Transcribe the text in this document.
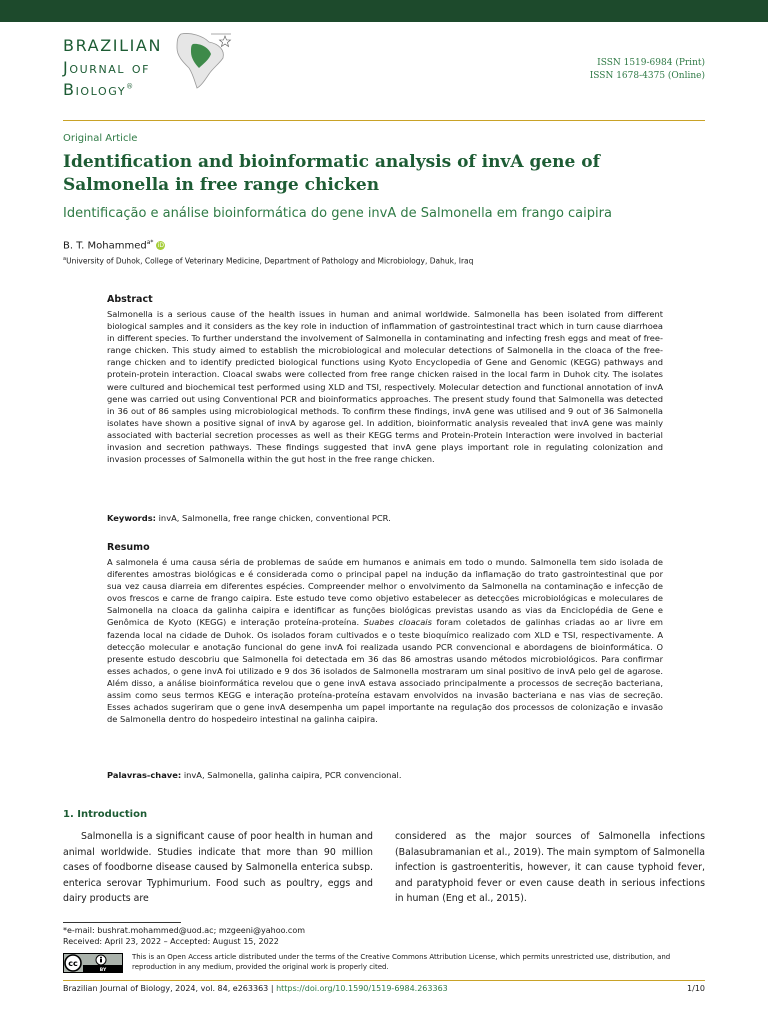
BRAZILIAN
Journal of
Biology®
ISSN 1519-6984 (Print)
ISSN 1678-4375 (Online)
Original Article
Identification and bioinformatic analysis of invA gene of Salmonella in free range chicken
Identificação e análise bioinformática do gene invA de Salmonella em frango caipira
B. T. Mohammed$^{a*}$ iD
$^a$University of Duhok, College of Veterinary Medicine, Department of Pathology and Microbiology, Dahuk, Iraq
Abstract
Salmonella is a serious cause of the health issues in human and animal worldwide. Salmonella has been isolated from different biological samples and it considers as the key role in induction of inflammation of gastrointestinal tract which in turn cause diarrhoea in different species. To further understand the involvement of Salmonella in contaminating and infecting fresh eggs and meat of free-range chicken. This study aimed to establish the microbiological and molecular detections of Salmonella in the cloaca of the free-range chicken and to identify predicted biological functions using Kyoto Encyclopedia of Gene and Genomic (KEGG) pathways and protein-protein interaction. Cloacal swabs were collected from free range chicken raised in the local farm in Duhok city. The isolates were cultured and biochemical test performed using XLD and TSI, respectively. Molecular detection and functional annotation of invA gene was carried out using Conventional PCR and bioinformatics approaches. The present study found that Salmonella was detected in 36 out of 86 samples using microbiological methods. To confirm these findings, invA gene was utilised and 9 out of 36 Salmonella isolates have shown a positive signal of invA by agarose gel. In addition, bioinformatic analysis revealed that invA gene was mainly associated with bacterial secretion processes as well as their KEGG terms and Protein-Protein Interaction were involved in bacterial invasion and secretion pathways. These findings suggested that invA gene plays important role in regulating colonization and invasion processes of Salmonella within the gut host in the free range chicken.
Keywords: invA, Salmonella, free range chicken, conventional PCR.
Resumo
A salmonela é uma causa séria de problemas de saúde em humanos e animais em todo o mundo. Salmonella tem sido isolada de diferentes amostras biológicas e é considerada como o principal papel na indução da inflamação do trato gastrointestinal que por sua vez causa diarreia em diferentes espécies. Compreender melhor o envolvimento da Salmonella na contaminação e infecção de ovos frescos e carne de frango caipira. Este estudo teve como objetivo estabelecer as detecções microbiológicas e moleculares de Salmonella na cloaca da galinha caipira e identificar as funções biológicas previstas usando as vias da Enciclopédia de Gene e Genômica de Kyoto (KEGG) e interação proteína-proteína. Suabes cloacais foram coletados de galinhas criadas ao ar livre em fazenda local na cidade de Duhok. Os isolados foram cultivados e o teste bioquímico realizado com XLD e TSI, respectivamente. A detecção molecular e anotação funcional do gene invA foi realizada usando PCR convencional e abordagens de bioinformática. O presente estudo descobriu que Salmonella foi detectada em 36 das 86 amostras usando métodos microbiológicos. Para confirmar esses achados, o gene invA foi utilizado e 9 dos 36 isolados de Salmonella mostraram um sinal positivo de invA pelo gel de agarose. Além disso, a análise bioinformática revelou que o gene invA estava associado principalmente a processos de secreção bacteriana, assim como seus termos KEGG e interação proteína-proteína estavam envolvidos na invasão bacteriana e nas vias de secreção. Esses achados sugeriram que o gene invA desempenha um papel importante na regulação dos processos de colonização e invasão de Salmonella dentro do hospedeiro intestinal na galinha caipira.
Palavras-chave: invA, Salmonella, galinha caipira, PCR convencional.
1. Introduction

Salmonella is a significant cause of poor health in human and animal worldwide. Studies indicate that more than 90 million cases of foodborne disease caused by Salmonella enterica subsp. enterica serovar Typhimurium. Food such as poultry, eggs and dairy products are

considered as the major sources of Salmonella infections (Balasubramanian et al., 2019). The main symptom of Salmonella infection is gastroenteritis, however, it can cause typhoid fever, and paratyphoid fever or even cause death in serious infections in human (Eng et al., 2015).

*e-mail: bushrat.mohammed@uod.ac; mzgeeni@yahoo.com
Received: April 23, 2022 – Accepted: August 15, 2022
cc
BY
This is an Open Access article distributed under the terms of the Creative Commons Attribution License, which permits unrestricted use, distribution, and reproduction in any medium, provided the original work is properly cited.
Brazilian Journal of Biology, 2024, vol. 84, e263363 | https://doi.org/10.1590/1519-6984.263363	1/10
